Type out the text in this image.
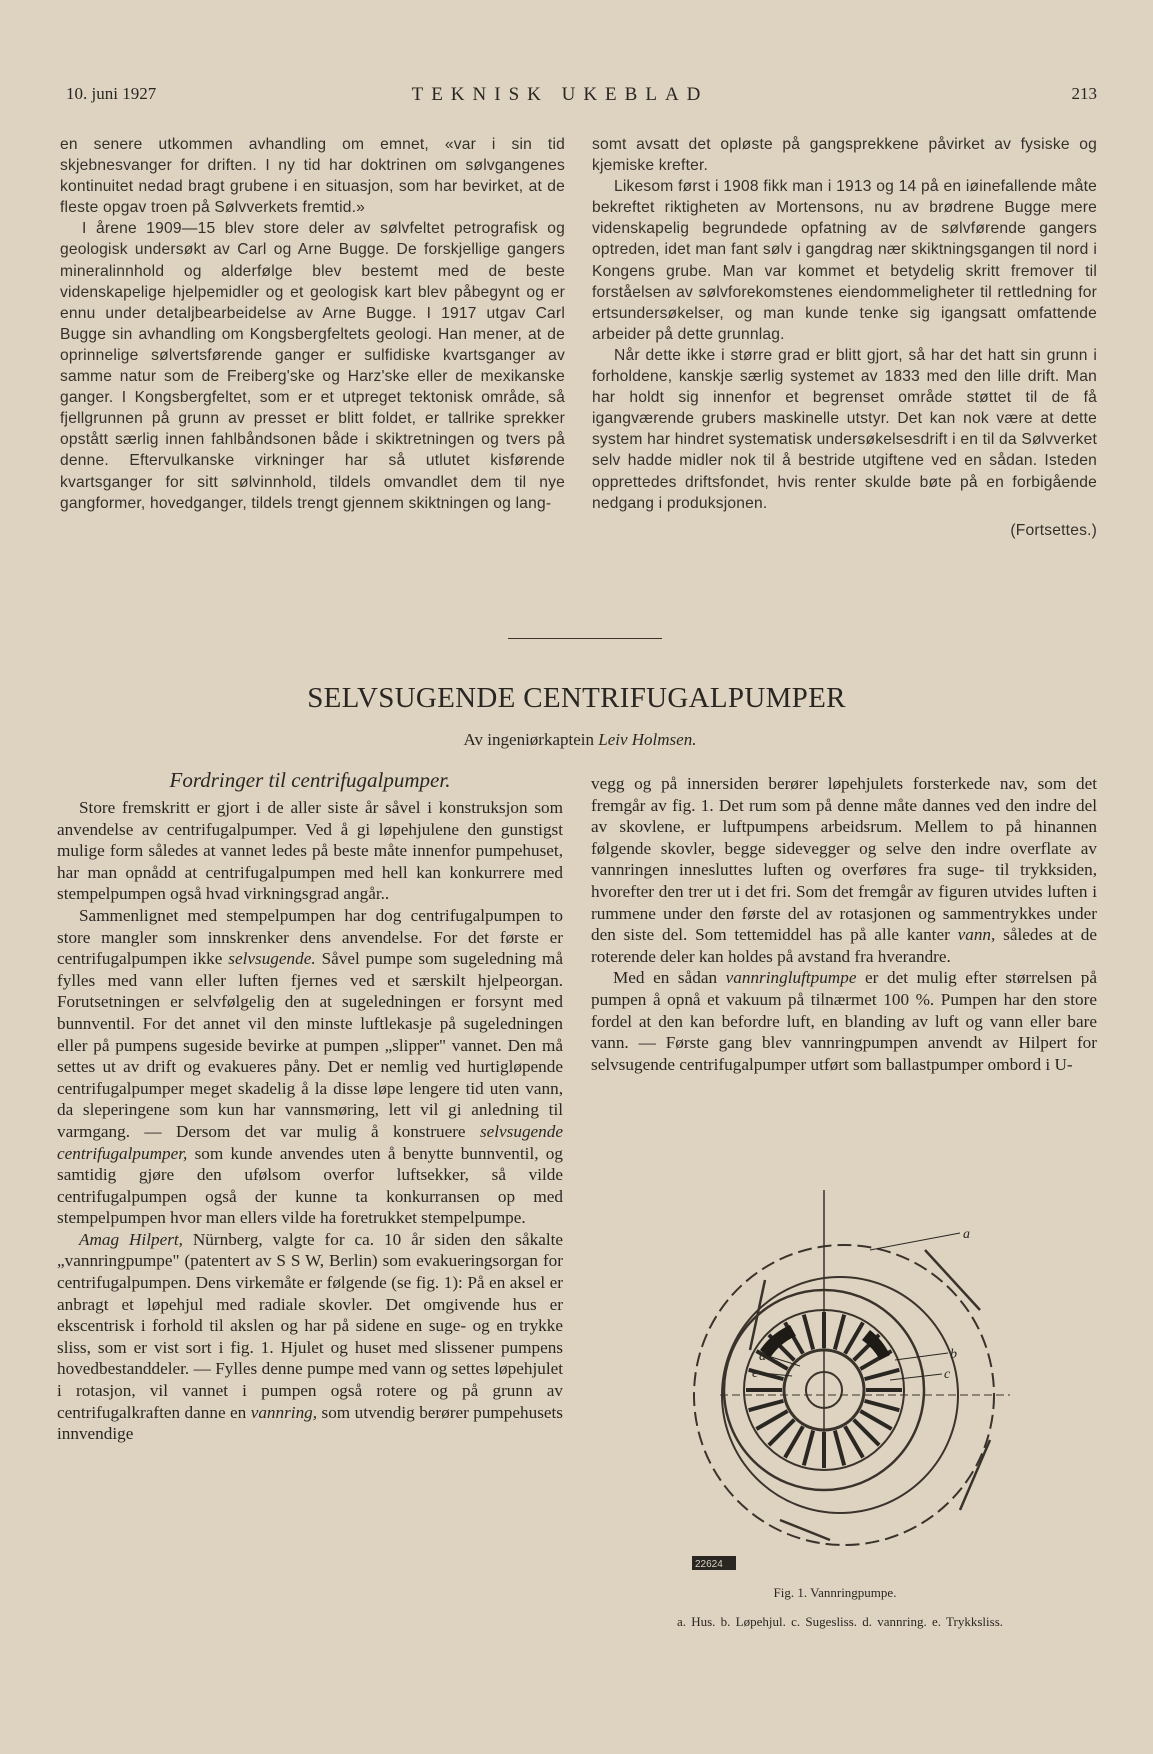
10. juni 1927	TEKNISK UKEBLAD	213

en senere utkommen avhandling om emnet, «var i sin tid skjebnesvanger for driften. I ny tid har doktrinen om sølvgangenes kontinuitet nedad bragt grubene i en situasjon, som har bevirket, at de fleste opgav troen på Sølvverkets fremtid.»

I årene 1909—15 blev store deler av sølvfeltet petrografisk og geologisk undersøkt av Carl og Arne Bugge. De forskjellige gangers mineralinnhold og alderfølge blev bestemt med de beste videnskapelige hjelpemidler og et geologisk kart blev påbegynt og er ennu under detaljbearbeidelse av Arne Bugge. I 1917 utgav Carl Bugge sin avhandling om Kongsbergfeltets geologi. Han mener, at de oprinnelige sølvertsførende ganger er sulfidiske kvartsganger av samme natur som de Freiberg'ske og Harz'ske eller de mexikanske ganger. I Kongsbergfeltet, som er et utpreget tektonisk område, så fjellgrunnen på grunn av presset er blitt foldet, er tallrike sprekker opstått særlig innen fahlbåndsonen både i skiktretningen og tvers på denne. Eftervulkanske virkninger har så utlutet kisførende kvartsganger for sitt sølvinnhold, tildels omvandlet dem til nye gangformer, hovedganger, tildels trengt gjennem skiktningen og lang-

somt avsatt det opløste på gangsprekkene påvirket av fysiske og kjemiske krefter.

Likesom først i 1908 fikk man i 1913 og 14 på en iøinefallende måte bekreftet riktigheten av Mortensons, nu av brødrene Bugge mere videnskapelig begrundede opfatning av de sølvførende gangers optreden, idet man fant sølv i gangdrag nær skiktningsgangen til nord i Kongens grube. Man var kommet et betydelig skritt fremover til forståelsen av sølvforekomstenes eiendommeligheter til rettledning for ertsundersøkelser, og man kunde tenke sig igangsatt omfattende arbeider på dette grunnlag.

Når dette ikke i større grad er blitt gjort, så har det hatt sin grunn i forholdene, kanskje særlig systemet av 1833 med den lille drift. Man har holdt sig innenfor et begrenset område støttet til de få igangværende grubers maskinelle utstyr. Det kan nok være at dette system har hindret systematisk undersøkelsesdrift i en til da Sølvverket selv hadde midler nok til å bestride utgiftene ved en sådan. Isteden opprettedes driftsfondet, hvis renter skulde bøte på en forbigående nedgang i produksjonen.

(Fortsettes.)

SELVSUGENDE CENTRIFUGALPUMPER
Av ingeniørkaptein Leiv Holmsen.
Fordringer til centrifugalpumper.

Store fremskritt er gjort i de aller siste år såvel i konstruksjon som anvendelse av centrifugalpumper. Ved å gi løpehjulene den gunstigst mulige form således at vannet ledes på beste måte innenfor pumpehuset, har man opnådd at centrifugalpumpen med hell kan konkurrere med stempelpumpen også hvad virkningsgrad angår..

Sammenlignet med stempelpumpen har dog centrifugalpumpen to store mangler som innskrenker dens anvendelse. For det første er centrifugalpumpen ikke selvsugende. Såvel pumpe som sugeledning må fylles med vann eller luften fjernes ved et særskilt hjelpeorgan. Forutsetningen er selvfølgelig den at sugeledningen er forsynt med bunnventil. For det annet vil den minste luftlekasje på sugeledningen eller på pumpens sugeside bevirke at pumpen „slipper" vannet. Den må settes ut av drift og evakueres påny. Det er nemlig ved hurtigløpende centrifugalpumper meget skadelig å la disse løpe lengere tid uten vann, da sleperingene som kun har vannsmøring, lett vil gi anledning til varmgang. — Dersom det var mulig å konstruere selvsugende centrifugalpumper, som kunde anvendes uten å benytte bunnventil, og samtidig gjøre den ufølsom overfor luftsekker, så vilde centrifugalpumpen også der kunne ta konkurransen op med stempelpumpen hvor man ellers vilde ha foretrukket stempelpumpe.

Amag Hilpert, Nürnberg, valgte for ca. 10 år siden den såkalte „vannringpumpe" (patentert av S S W, Berlin) som evakueringsorgan for centrifugalpumpen. Dens virkemåte er følgende (se fig. 1): På en aksel er anbragt et løpehjul med radiale skovler. Det omgivende hus er ekscentrisk i forhold til akslen og har på sidene en suge- og en trykke sliss, som er vist sort i fig. 1. Hjulet og huset med slissener pumpens hovedbestanddeler. — Fylles denne pumpe med vann og settes løpehjulet i rotasjon, vil vannet i pumpen også rotere og på grunn av centrifugalkraften danne en vannring, som utvendig berører pumpehusets innvendige

vegg og på innersiden berører løpehjulets forsterkede nav, som det fremgår av fig. 1. Det rum som på denne måte dannes ved den indre del av skovlene, er luftpumpens arbeidsrum. Mellem to på hinannen følgende skovler, begge sidevegger og selve den indre overflate av vannringen innesluttes luften og overføres fra suge- til trykksiden, hvorefter den trer ut i det fri. Som det fremgår av figuren utvides luften i rummene under den første del av rotasjonen og sammentrykkes under den siste del. Som tettemiddel has på alle kanter vann, således at de roterende deler kan holdes på avstand fra hverandre.

Med en sådan vannringluftpumpe er det mulig efter størrelsen på pumpen å opnå et vakuum på tilnærmet 100 %. Pumpen har den store fordel at den kan befordre luft, en blanding av luft og vann eller bare vann. — Første gang blev vannringpumpen anvendt av Hilpert for selvsugende centrifugalpumper utført som ballastpumper ombord i U-

a
b
c
d
e
22624
Fig. 1. Vannringpumpe.
a. Hus. b. Løpehjul. c. Sugesliss. d. vannring. e. Trykksliss.
